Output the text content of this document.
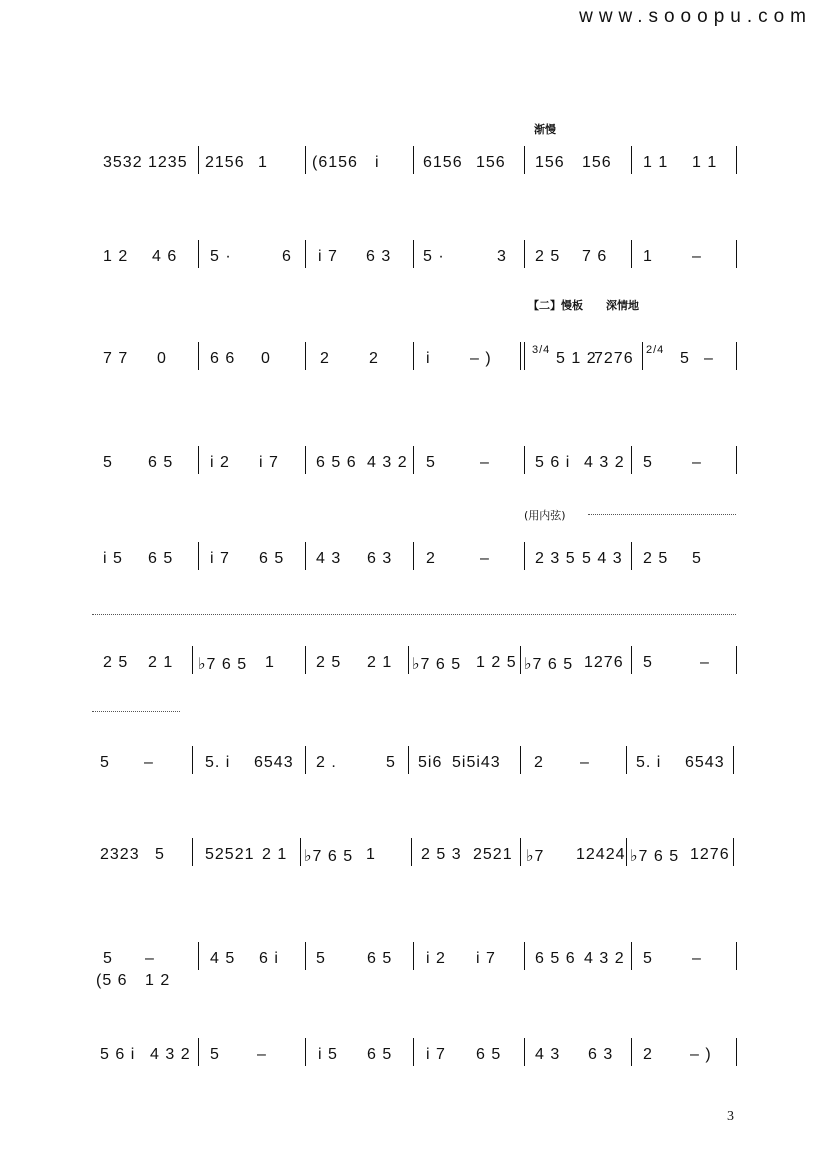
www.sooopu.com
渐慢
【二】慢板 深情地
(用内弦)
3532 1235 2156 1	(6156 i	6156 156 156 156 1 1 1 1
1 2 4 6 5 ·	6 i 7 6 3 5 ·	3 2 5 7 6 1 –
7 7 0	6 6 0	2 2	i – )	3/4 5 1 2
7276 2/4 5 –
5 6 5 i 2 i 7 6 5 6 4 3 2 5	–	5 6 i 4 3 2 5 –
i 5 6 5 i 7 6 5 4 3 6 3 2	–	2 3 5 5 4 3 2 5 5
2 5 2 1 ♭7 6 5 1	2 5 2 1 ♭7 6 5 1 2 5 ♭7 6 5 1276 5	–
5 –	5. i 6543 2 .	5 5i6 5i5i43 2 –	5. i 6543
2323 5	52521 2 1 ♭7 6 5 1	2 5 3 2521 ♭7 12424 ♭7 6 5 1276
5 –	4 5 6 i 5	6 5 i 2 i 7 6 5 6 4 3 2 5 –
(5 6 1 2
5 6 i 4 3 2 5 –	i 5 6 5 i 7 6 5 4 3 6 3 2 – )
3
